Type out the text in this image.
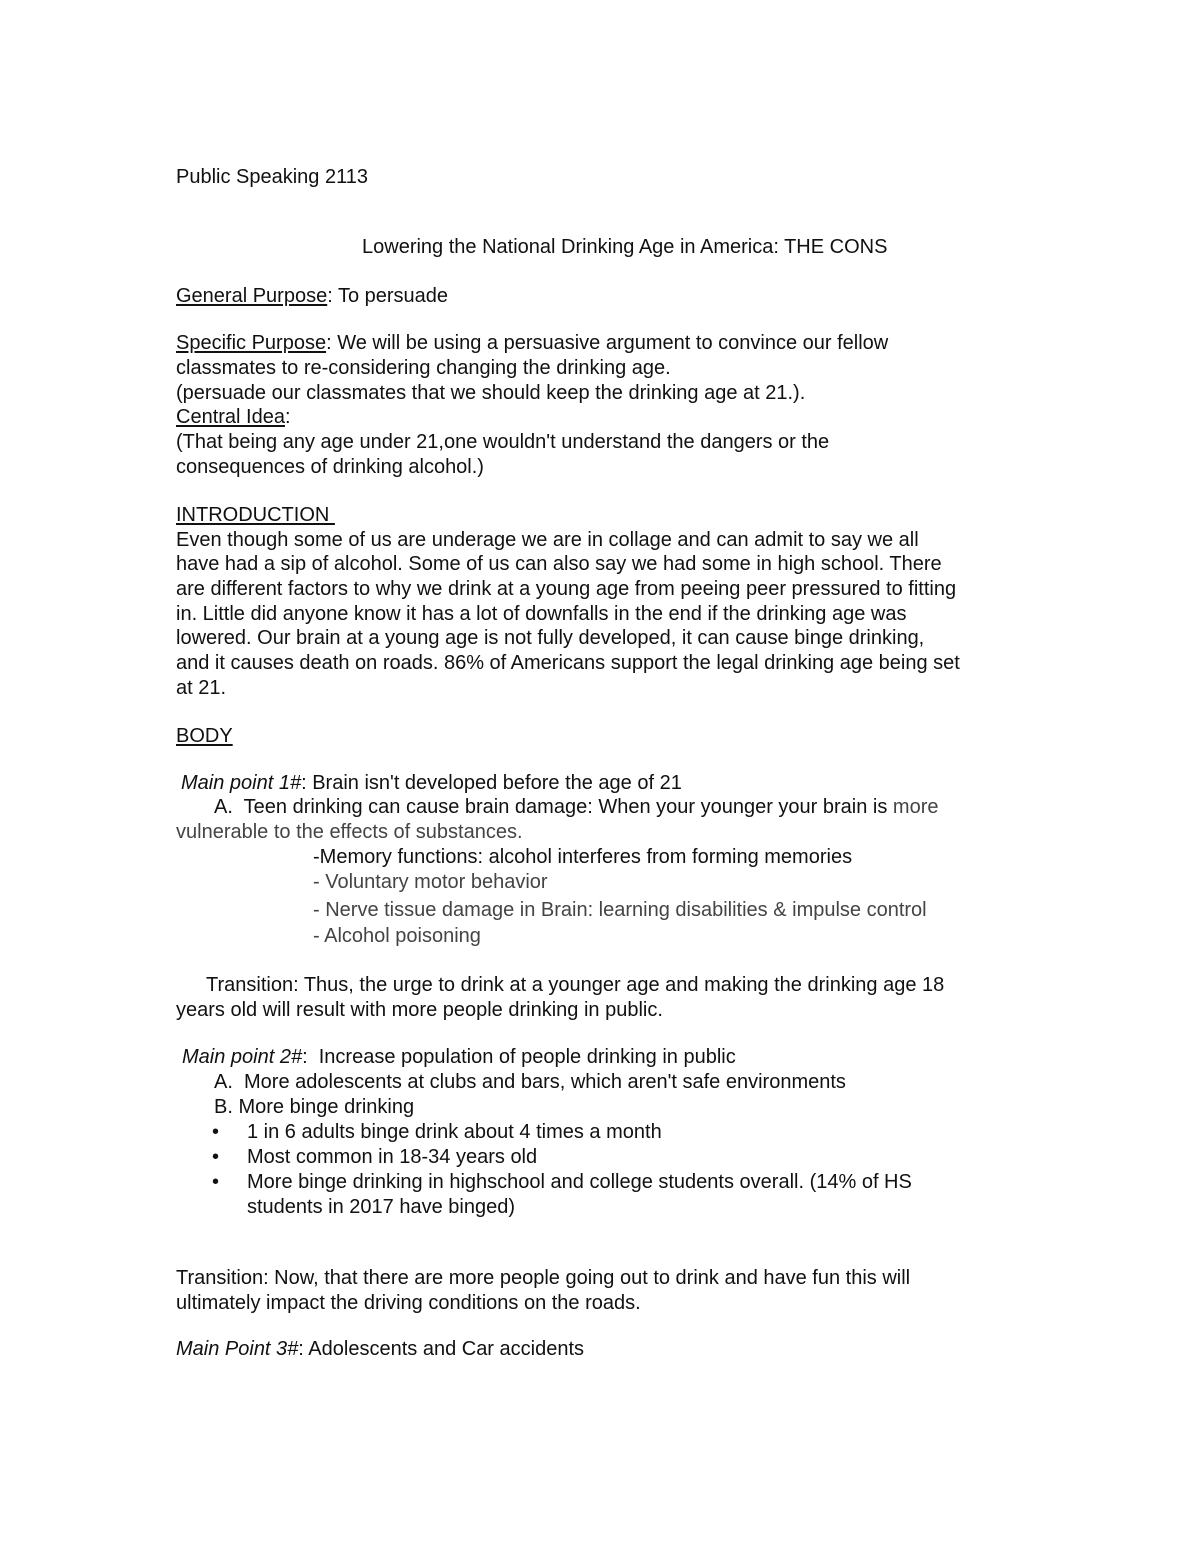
Public Speaking 2113
Lowering the National Drinking Age in America: THE CONS
General Purpose: To persuade
Specific Purpose: We will be using a persuasive argument to convince our fellow
classmates to re-considering changing the drinking age.
(persuade our classmates that we should keep the drinking age at 21.).
Central Idea:
(That being any age under 21,one wouldn't understand the dangers or the
consequences of drinking alcohol.)
INTRODUCTION
Even though some of us are underage we are in collage and can admit to say we all
have had a sip of alcohol. Some of us can also say we had some in high school. There
are different factors to why we drink at a young age from peeing peer pressured to fitting
in. Little did anyone know it has a lot of downfalls in the end if the drinking age was
lowered. Our brain at a young age is not fully developed, it can cause binge drinking,
and it causes death on roads. 86% of Americans support the legal drinking age being set
at 21.
BODY
Main point 1#: Brain isn't developed before the age of 21
A.  Teen drinking can cause brain damage: When your younger your brain is more
vulnerable to the effects of substances.
-Memory functions: alcohol interferes from forming memories
- Voluntary motor behavior
- Nerve tissue damage in Brain: learning disabilities & impulse control
- Alcohol poisoning
Transition: Thus, the urge to drink at a younger age and making the drinking age 18
years old will result with more people drinking in public.
Main point 2#:  Increase population of people drinking in public
A.  More adolescents at clubs and bars, which aren't safe environments
B. More binge drinking
• 1 in 6 adults binge drink about 4 times a month
• Most common in 18-34 years old
• More binge drinking in highschool and college students overall. (14% of HS
students in 2017 have binged)
Transition: Now, that there are more people going out to drink and have fun this will
ultimately impact the driving conditions on the roads.
Main Point 3#: Adolescents and Car accidents
